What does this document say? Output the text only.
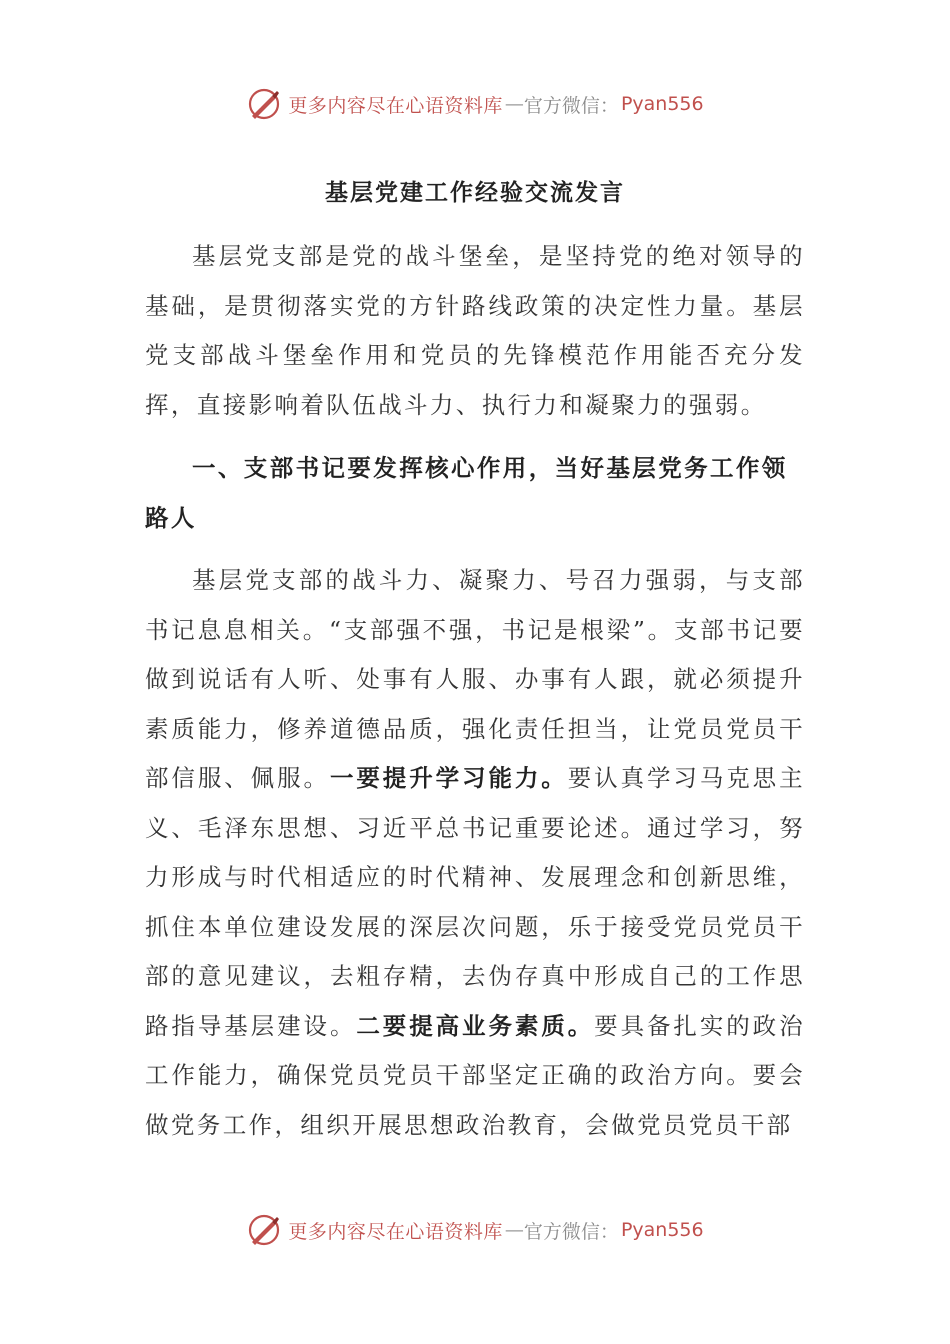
更多内容尽在心语资料库 — 官方微信： Pyan556
基层党建工作经验交流发言

基层党支部是党的战斗堡垒，是坚持党的绝对领导的基础，是贯彻落实党的方针路线政策的决定性力量。基层党支部战斗堡垒作用和党员的先锋模范作用能否充分发挥，直接影响着队伍战斗力、执行力和凝聚力的强弱。

一、支部书记要发挥核心作用，当好基层党务工作领路人

基层党支部的战斗力、凝聚力、号召力强弱，与支部书记息息相关。“支部强不强，书记是根梁”。支部书记要做到说话有人听、处事有人服、办事有人跟，就必须提升素质能力，修养道德品质，强化责任担当，让党员党员干部信服、佩服。一要提升学习能力。要认真学习马克思主义、毛泽东思想、习近平总书记重要论述。通过学习，努力形成与时代相适应的时代精神、发展理念和创新思维，抓住本单位建设发展的深层次问题，乐于接受党员党员干部的意见建议，去粗存精，去伪存真中形成自己的工作思路指导基层建设。二要提高业务素质。要具备扎实的政治工作能力，确保党员党员干部坚定正确的政治方向。要会做党务工作，组织开展思想政治教育，会做党员党员干部

更多内容尽在心语资料库 — 官方微信： Pyan556
